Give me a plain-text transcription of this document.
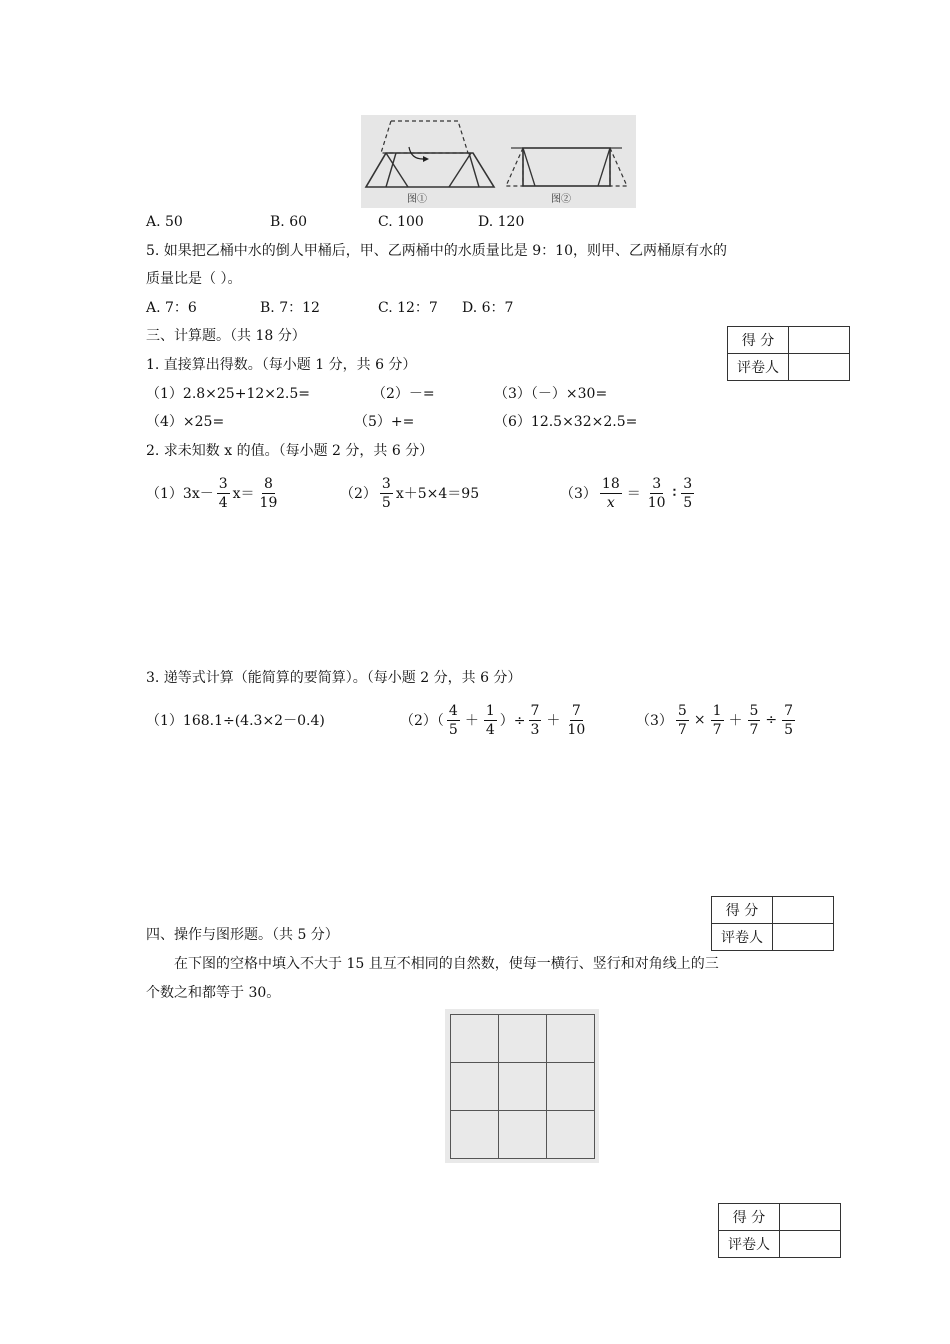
图①	图②
A. 50	B. 60	C. 100	D. 120
5. 如果把乙桶中水的倒人甲桶后，甲、乙两桶中的水质量比是 9：10，则甲、乙两桶原有水的
质量比是（ ）。
A. 7：6	B. 7：12	C. 12：7 D. 6：7
三、计算题。（共 18 分）	得 分	
评卷人	
1. 直接算出得数。（每小题 1 分，共 6 分）
（1）2.8×25+12×2.5=	（2）－=	（3）（－）×30=
（4）×25=	（5）+=	（6）12.5×32×2.5=
2. 求未知数 x 的值。（每小题 2 分，共 6 分）
$(1)3x- \frac{3}{4} x= \frac{8}{19}$	$(2) \frac{3}{5} x+5\times 4=95$	$(3) \frac{18}{x} = \frac{3}{10}$ ∶ $\frac{3}{5}$
3. 递等式计算（能简算的要简算）。（每小题 2 分，共 6 分）
（1）168.1÷(4.3×2－0.4)	$(2)( \frac{4}{5} + \frac{1}{4}$ ）÷ $\frac{7}{3} + \frac{7}{10}$	$(3) \frac{5}{7} \times \frac{1}{7} + \frac{5}{7} \div \frac{7}{5}$
得 分	
评卷人	
四、操作与图形题。（共 5 分）
在下图的空格中填入不大于 15 且互不相同的自然数，使每一横行、竖行和对角线上的三
个数之和都等于 30。
得 分	
评卷人	
